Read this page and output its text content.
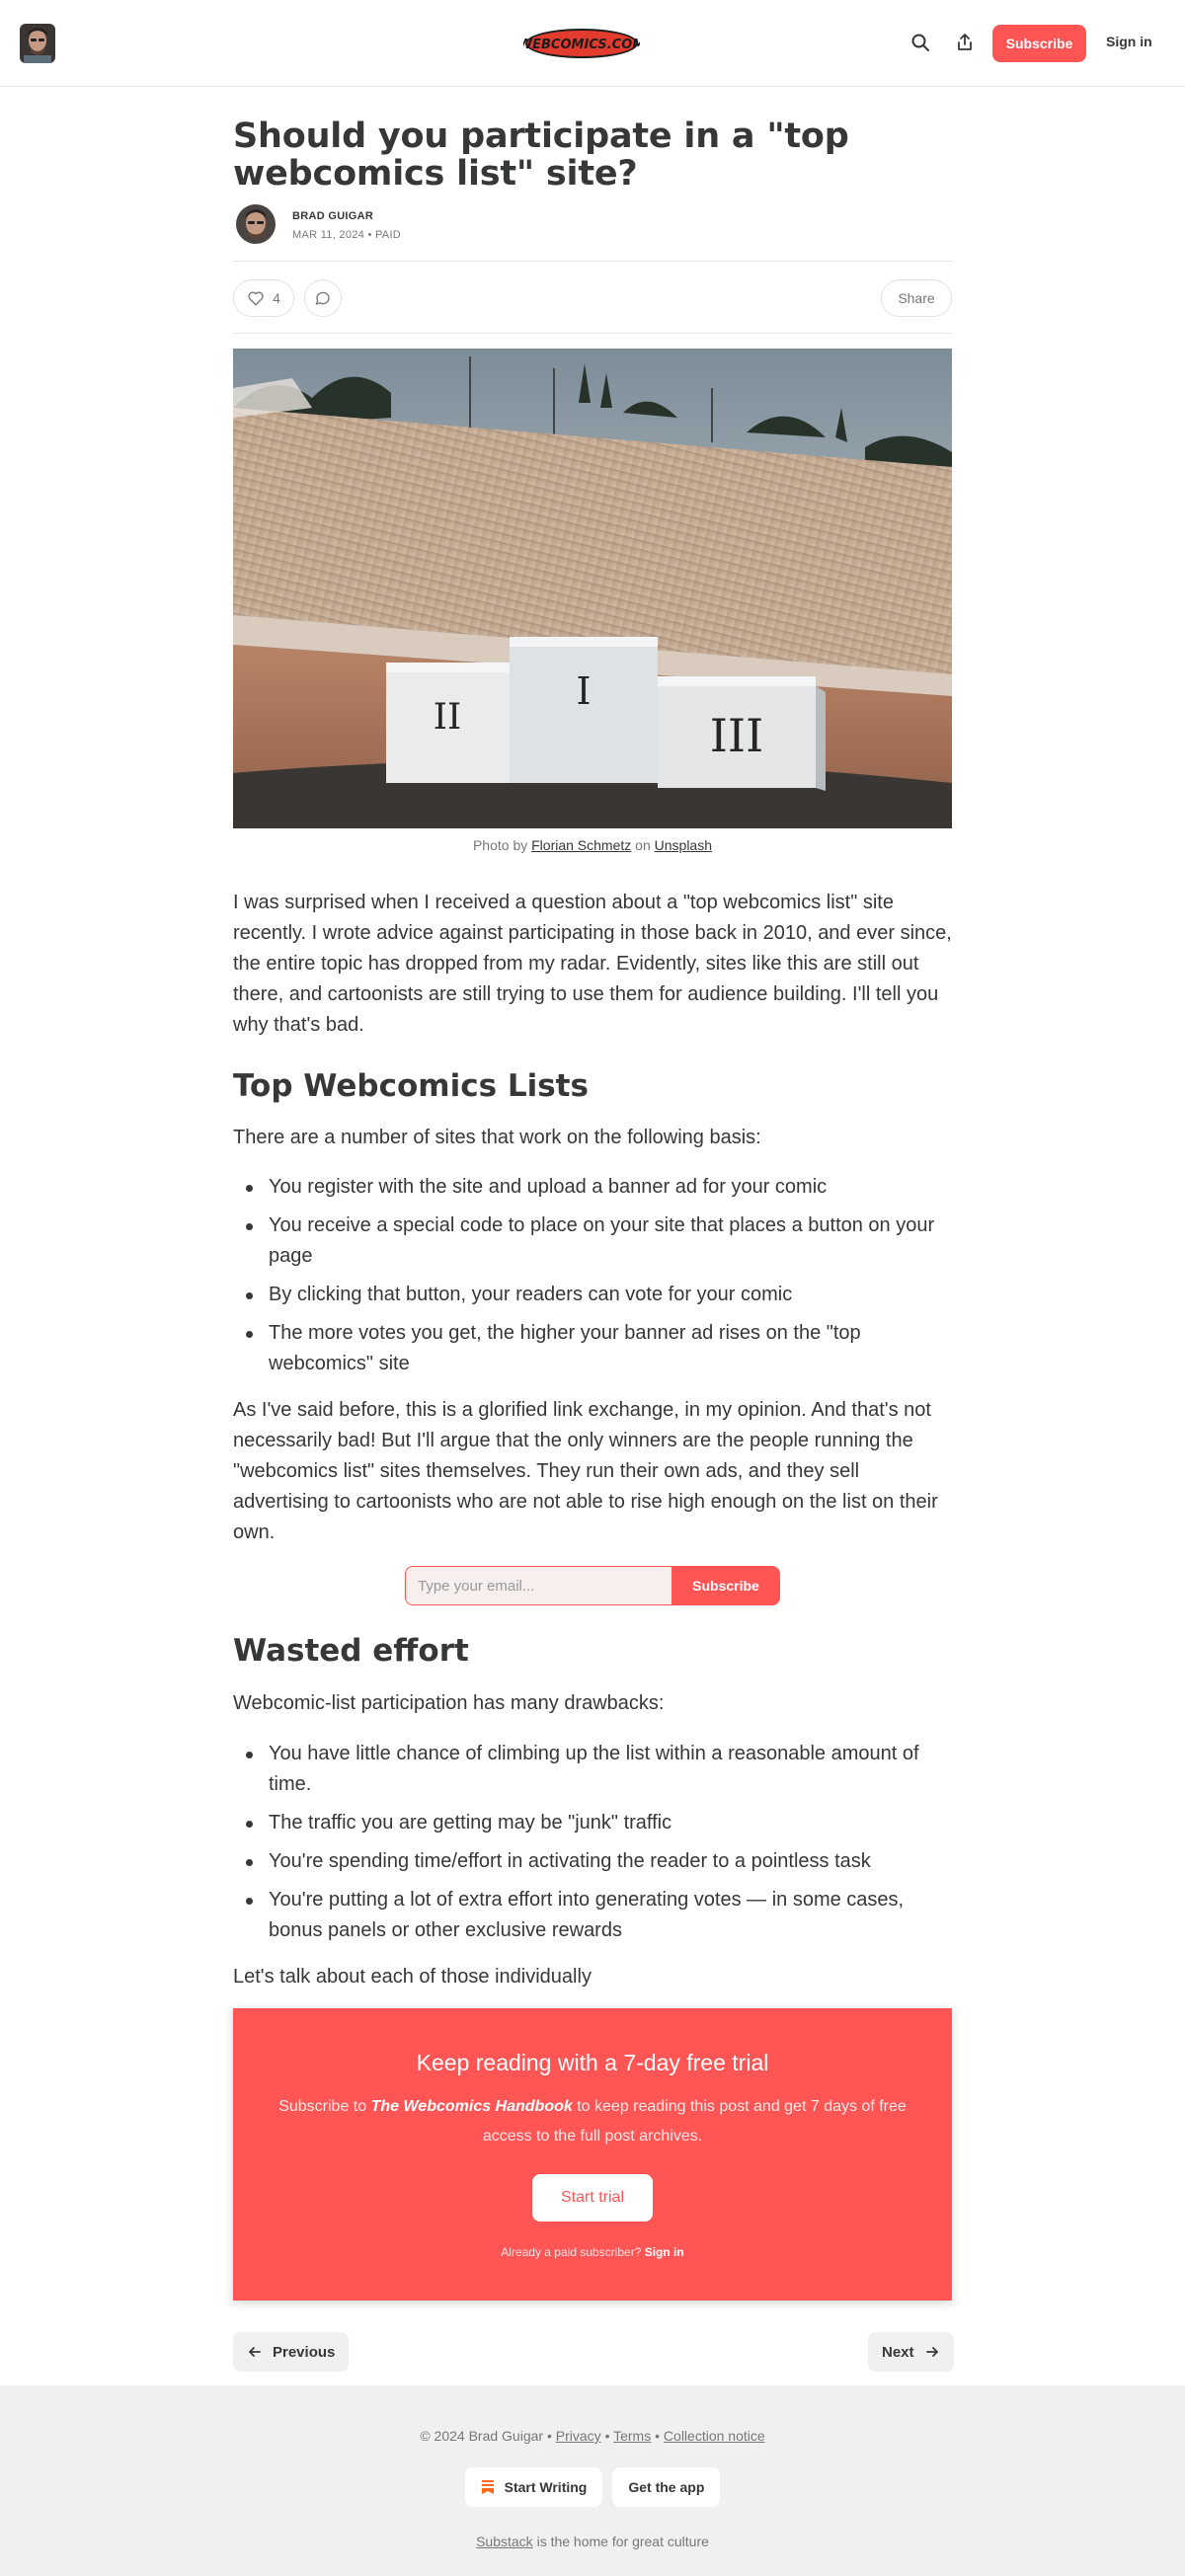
WEBCOMICS.COM	Subscribe	Sign in
Should you participate in a "top webcomics list" site?
BRAD GUIGAR
MAR 11, 2024 • PAID
4	Share
II
I
III
Photo by Florian Schmetz on Unsplash

I was surprised when I received a question about a "top webcomics list" site recently. I wrote advice against participating in those back in 2010, and ever since, the entire topic has dropped from my radar. Evidently, sites like this are still out there, and cartoonists are still trying to use them for audience building. I'll tell you why that's bad.

Top Webcomics Lists

There are a number of sites that work on the following basis:

You register with the site and upload a banner ad for your comic
You receive a special code to place on your site that places a button on your page
By clicking that button, your readers can vote for your comic
The more votes you get, the higher your banner ad rises on the "top webcomics" site

As I've said before, this is a glorified link exchange, in my opinion. And that's not necessarily bad! But I'll argue that the only winners are the people running the "webcomics list" sites themselves. They run their own ads, and they sell advertising to cartoonists who are not able to rise high enough on the list on their own.

Type your email...	Subscribe
Wasted effort

Webcomic-list participation has many drawbacks:

You have little chance of climbing up the list within a reasonable amount of time.
The traffic you are getting may be "junk" traffic
You're spending time/effort in activating the reader to a pointless task
You're putting a lot of extra effort into generating votes — in some cases, bonus panels or other exclusive rewards

Let's talk about each of those individually

Keep reading with a 7-day free trial
Subscribe to The Webcomics Handbook to keep reading this post and get 7 days of free access to the full post archives.
Start trial
Already a paid subscriber? Sign in
Previous	Next
© 2024 Brad Guigar • Privacy • Terms • Collection notice
Start Writing	Get the app
Substack is the home for great culture
